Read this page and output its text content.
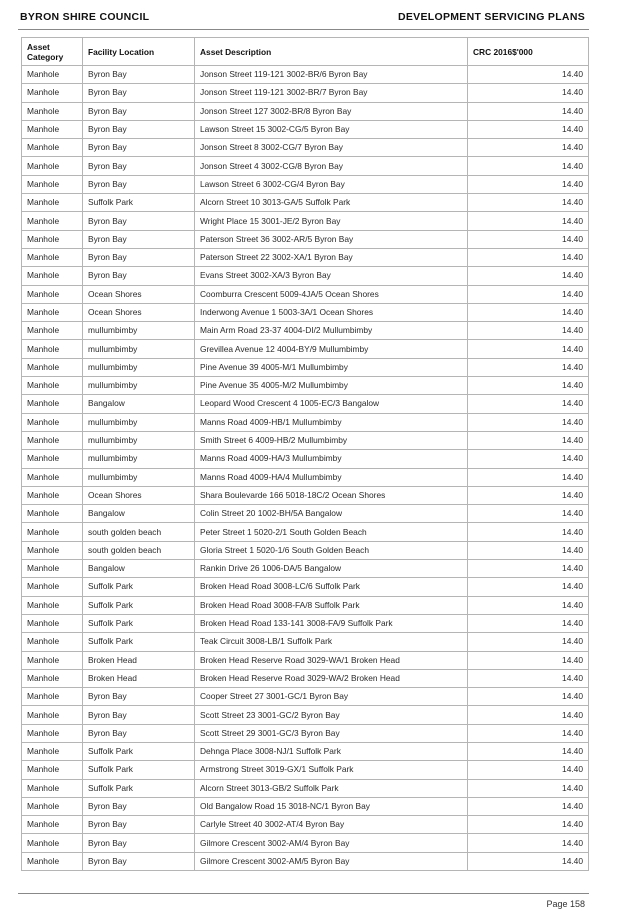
BYRON SHIRE COUNCIL	DEVELOPMENT SERVICING PLANS
Asset Category	Facility Location	Asset Description	CRC 2016$'000
Manhole	Byron Bay	Jonson Street 119-121 3002-BR/6 Byron Bay	14.40
Manhole	Byron Bay	Jonson Street 119-121 3002-BR/7 Byron Bay	14.40
Manhole	Byron Bay	Jonson Street 127 3002-BR/8 Byron Bay	14.40
Manhole	Byron Bay	Lawson Street 15 3002-CG/5 Byron Bay	14.40
Manhole	Byron Bay	Jonson Street 8 3002-CG/7 Byron Bay	14.40
Manhole	Byron Bay	Jonson Street 4 3002-CG/8 Byron Bay	14.40
Manhole	Byron Bay	Lawson Street 6 3002-CG/4 Byron Bay	14.40
Manhole	Suffolk Park	Alcorn Street 10 3013-GA/5 Suffolk Park	14.40
Manhole	Byron Bay	Wright Place 15 3001-JE/2 Byron Bay	14.40
Manhole	Byron Bay	Paterson Street 36 3002-AR/5 Byron Bay	14.40
Manhole	Byron Bay	Paterson Street 22 3002-XA/1 Byron Bay	14.40
Manhole	Byron Bay	Evans Street 3002-XA/3 Byron Bay	14.40
Manhole	Ocean Shores	Coomburra Crescent 5009-4JA/5 Ocean Shores	14.40
Manhole	Ocean Shores	Inderwong Avenue 1 5003-3A/1 Ocean Shores	14.40
Manhole	mullumbimby	Main Arm Road 23-37 4004-DI/2 Mullumbimby	14.40
Manhole	mullumbimby	Grevillea Avenue 12 4004-BY/9 Mullumbimby	14.40
Manhole	mullumbimby	Pine Avenue 39 4005-M/1 Mullumbimby	14.40
Manhole	mullumbimby	Pine Avenue 35 4005-M/2 Mullumbimby	14.40
Manhole	Bangalow	Leopard Wood Crescent 4 1005-EC/3 Bangalow	14.40
Manhole	mullumbimby	Manns Road 4009-HB/1 Mullumbimby	14.40
Manhole	mullumbimby	Smith Street 6 4009-HB/2 Mullumbimby	14.40
Manhole	mullumbimby	Manns Road 4009-HA/3 Mullumbimby	14.40
Manhole	mullumbimby	Manns Road 4009-HA/4 Mullumbimby	14.40
Manhole	Ocean Shores	Shara Boulevarde 166 5018-18C/2 Ocean Shores	14.40
Manhole	Bangalow	Colin Street 20 1002-BH/5A Bangalow	14.40
Manhole	south golden beach	Peter Street 1 5020-2/1 South Golden Beach	14.40
Manhole	south golden beach	Gloria Street 1 5020-1/6 South Golden Beach	14.40
Manhole	Bangalow	Rankin Drive 26 1006-DA/5 Bangalow	14.40
Manhole	Suffolk Park	Broken Head Road 3008-LC/6 Suffolk Park	14.40
Manhole	Suffolk Park	Broken Head Road 3008-FA/8 Suffolk Park	14.40
Manhole	Suffolk Park	Broken Head Road 133-141 3008-FA/9 Suffolk Park	14.40
Manhole	Suffolk Park	Teak Circuit 3008-LB/1 Suffolk Park	14.40
Manhole	Broken Head	Broken Head Reserve Road 3029-WA/1 Broken Head	14.40
Manhole	Broken Head	Broken Head Reserve Road 3029-WA/2 Broken Head	14.40
Manhole	Byron Bay	Cooper Street 27 3001-GC/1 Byron Bay	14.40
Manhole	Byron Bay	Scott Street 23 3001-GC/2 Byron Bay	14.40
Manhole	Byron Bay	Scott Street 29 3001-GC/3 Byron Bay	14.40
Manhole	Suffolk Park	Dehnga Place 3008-NJ/1 Suffolk Park	14.40
Manhole	Suffolk Park	Armstrong Street 3019-GX/1 Suffolk Park	14.40
Manhole	Suffolk Park	Alcorn Street 3013-GB/2 Suffolk Park	14.40
Manhole	Byron Bay	Old Bangalow Road 15 3018-NC/1 Byron Bay	14.40
Manhole	Byron Bay	Carlyle Street 40 3002-AT/4 Byron Bay	14.40
Manhole	Byron Bay	Gilmore Crescent 3002-AM/4 Byron Bay	14.40
Manhole	Byron Bay	Gilmore Crescent 3002-AM/5 Byron Bay	14.40
Page 158
